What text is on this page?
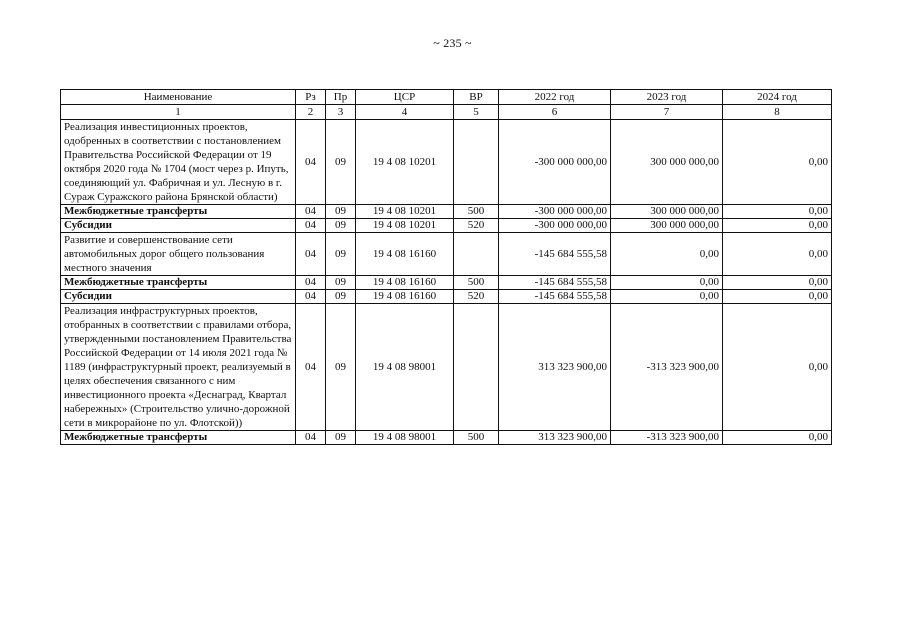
~ 235 ~
Наименование	Рз	Пр	ЦСР	ВР	2022 год	2023 год	2024 год
1	2	3	4	5	6	7	8
Реализация инвестиционных проектов, одобренных в соответствии с постановлением Правительства Российской Федерации от 19 октября 2020 года № 1704 (мост через р. Ипуть, соединяющий ул. Фабричная и ул. Лесную в г. Сураж Суражского района Брянской области)	04	09	19 4 08 10201		-300 000 000,00	300 000 000,00	0,00
Межбюджетные трансферты	04	09	19 4 08 10201	500	-300 000 000,00	300 000 000,00	0,00
Субсидии	04	09	19 4 08 10201	520	-300 000 000,00	300 000 000,00	0,00
Развитие и совершенствование сети автомобильных дорог общего пользования местного значения	04	09	19 4 08 16160		-145 684 555,58	0,00	0,00
Межбюджетные трансферты	04	09	19 4 08 16160	500	-145 684 555,58	0,00	0,00
Субсидии	04	09	19 4 08 16160	520	-145 684 555,58	0,00	0,00
Реализация инфраструктурных проектов, отобранных в соответствии с правилами отбора, утвержденными постановлением Правительства Российской Федерации от 14 июля 2021 года № 1189 (инфраструктурный проект, реализуемый в целях обеспечения связанного с ним инвестиционного проекта «Деснаград, Квартал набережных» (Строительство улично-дорожной сети в микрорайоне по ул. Флотской))	04	09	19 4 08 98001		313 323 900,00	-313 323 900,00	0,00
Межбюджетные трансферты	04	09	19 4 08 98001	500	313 323 900,00	-313 323 900,00	0,00
